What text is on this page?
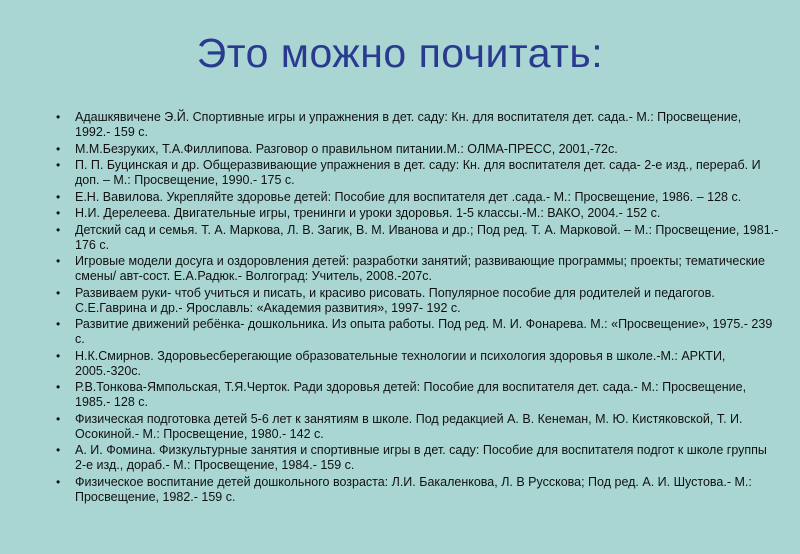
Это можно почитать:
•	Адашкявичене Э.Й. Спортивные игры и упражнения в дет. саду: Кн. для воспитателя дет. сада.- М.: Просвещение, 1992.- 159 с.
•	М.М.Безруких, Т.А.Филлипова. Разговор о правильном питании.М.: ОЛМА-ПРЕСС, 2001,-72с.
•	П. П. Буцинская и др. Общеразвивающие упражнения в дет. саду: Кн. для воспитателя дет. сада- 2-е изд., перераб. И доп. – М.: Просвещение, 1990.- 175 с.
•	Е.Н. Вавилова. Укрепляйте здоровье детей: Пособие для воспитателя дет .сада.- М.: Просвещение, 1986. – 128 с.
•	Н.И. Дерелеева. Двигательные игры, тренинги и уроки здоровья. 1-5 классы.-М.: ВАКО, 2004.- 152 с.
•	Детский сад и семья. Т. А. Маркова, Л. В. Загик, В. М. Иванова и др.; Под ред. Т. А. Марковой. – М.: Просвещение, 1981.- 176 с.
•	Игровые модели досуга и оздоровления детей: разработки занятий; развивающие программы; проекты; тематические смены/ авт-сост. Е.А.Радюк.- Волгоград: Учитель, 2008.-207с.
•	Развиваем руки- чтоб учиться и писать, и красиво рисовать. Популярное пособие для родителей и педагогов. С.Е.Гаврина и др.- Ярославль: «Академия развития», 1997- 192 с.
•	Развитие движений ребёнка- дошкольника. Из опыта работы. Под ред. М. И. Фонарева. М.: «Просвещение», 1975.- 239 с.
•	Н.К.Смирнов. Здоровьесберегающие образовательные технологии и психология здоровья в школе.-М.: АРКТИ, 2005.-320с.
•	Р.В.Тонкова-Ямпольская, Т.Я.Черток. Ради здоровья детей: Пособие для воспитателя дет. сада.- М.: Просвещение, 1985.- 128 с.
•	Физическая подготовка детей 5-6 лет к занятиям в школе. Под редакцией А. В. Кенеман, М. Ю. Кистяковской, Т. И. Осокиной.- М.: Просвещение, 1980.- 142 с.
•	А. И. Фомина. Физкультурные занятия и спортивные игры в дет. саду: Пособие для воспитателя подгот к школе группы 2-е изд., дораб.- М.: Просвещение, 1984.- 159 с.
•	Физическое воспитание детей дошкольного возраста: Л.И. Бакаленкова, Л. В Русскова; Под ред. А. И. Шустова.- М.: Просвещение, 1982.- 159 с.
